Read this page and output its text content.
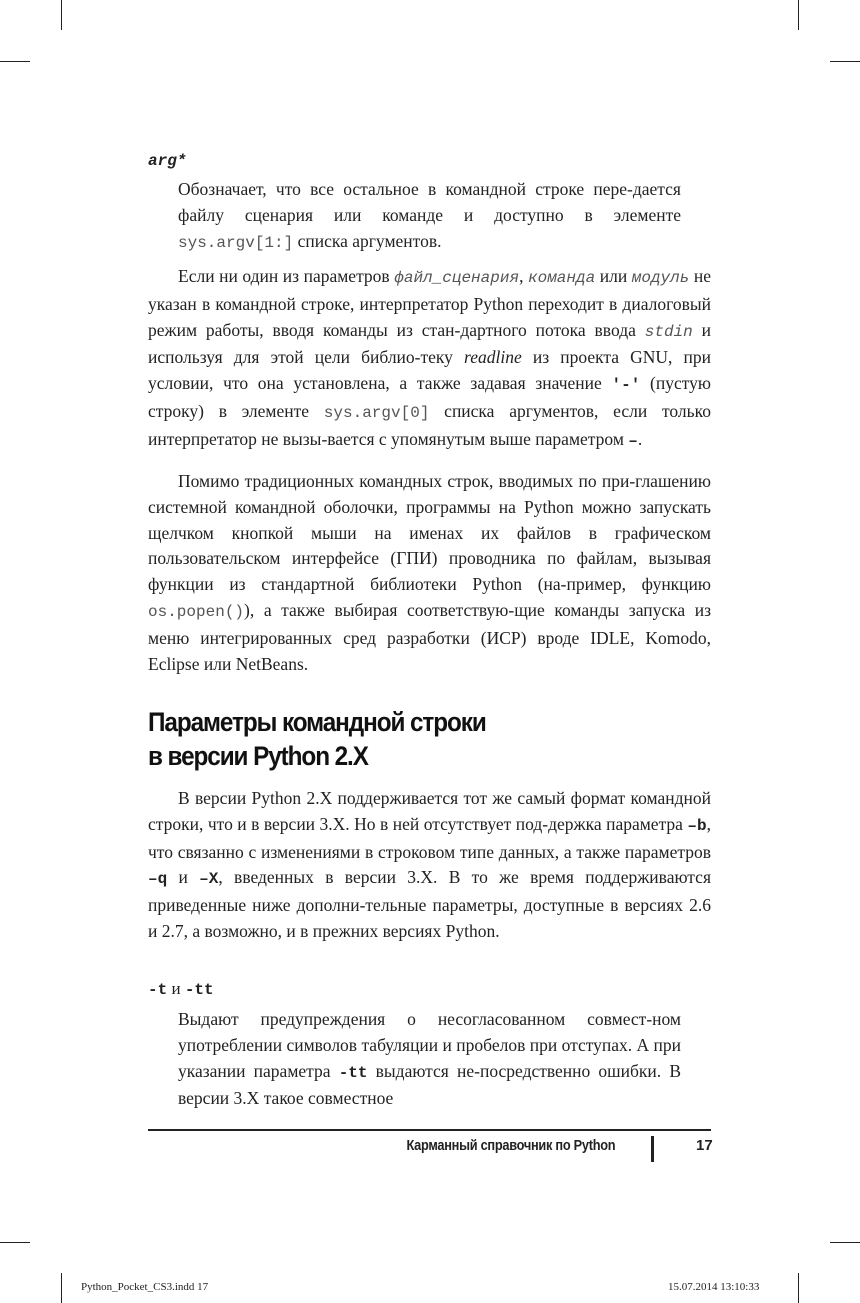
arg*
Обозначает, что все остальное в командной строке пере-дается файлу сценария или команде и доступно в элементе sys.argv[1:] списка аргументов.
Если ни один из параметров файл_сценария, команда или модуль не указан в командной строке, интерпретатор Python переходит в диалоговый режим работы, вводя команды из стан-дартного потока ввода stdin и используя для этой цели библио-теку readline из проекта GNU, при условии, что она установлена, а также задавая значение '-' (пустую строку) в элементе sys.argv[0] списка аргументов, если только интерпретатор не вызы-вается с упомянутым выше параметром –.
Помимо традиционных командных строк, вводимых по при-глашению системной командной оболочки, программы на Python можно запускать щелчком кнопкой мыши на именах их файлов в графическом пользовательском интерфейсе (ГПИ) проводника по файлам, вызывая функции из стандартной библиотеки Python (на-пример, функцию os.popen()), а также выбирая соответствую-щие команды запуска из меню интегрированных сред разработки (ИСР) вроде IDLE, Komodo, Eclipse или NetBeans.
Параметры командной строки
в версии Python 2.X
В версии Python 2.X поддерживается тот же самый формат командной строки, что и в версии 3.X. Но в ней отсутствует под-держка параметра –b, что связанно с изменениями в строковом типе данных, а также параметров –q и –X, введенных в версии 3.X. В то же время поддерживаются приведенные ниже дополни-тельные параметры, доступные в версиях 2.6 и 2.7, а возможно, и в прежних версиях Python.
-t и -tt
Выдают предупреждения о несогласованном совмест-ном употреблении символов табуляции и пробелов при отступах. А при указании параметра -tt выдаются не-посредственно ошибки. В версии 3.X такое совместное
Карманный справочник по Python	17
Python_Pocket_CS3.indd 17	15.07.2014 13:10:33
